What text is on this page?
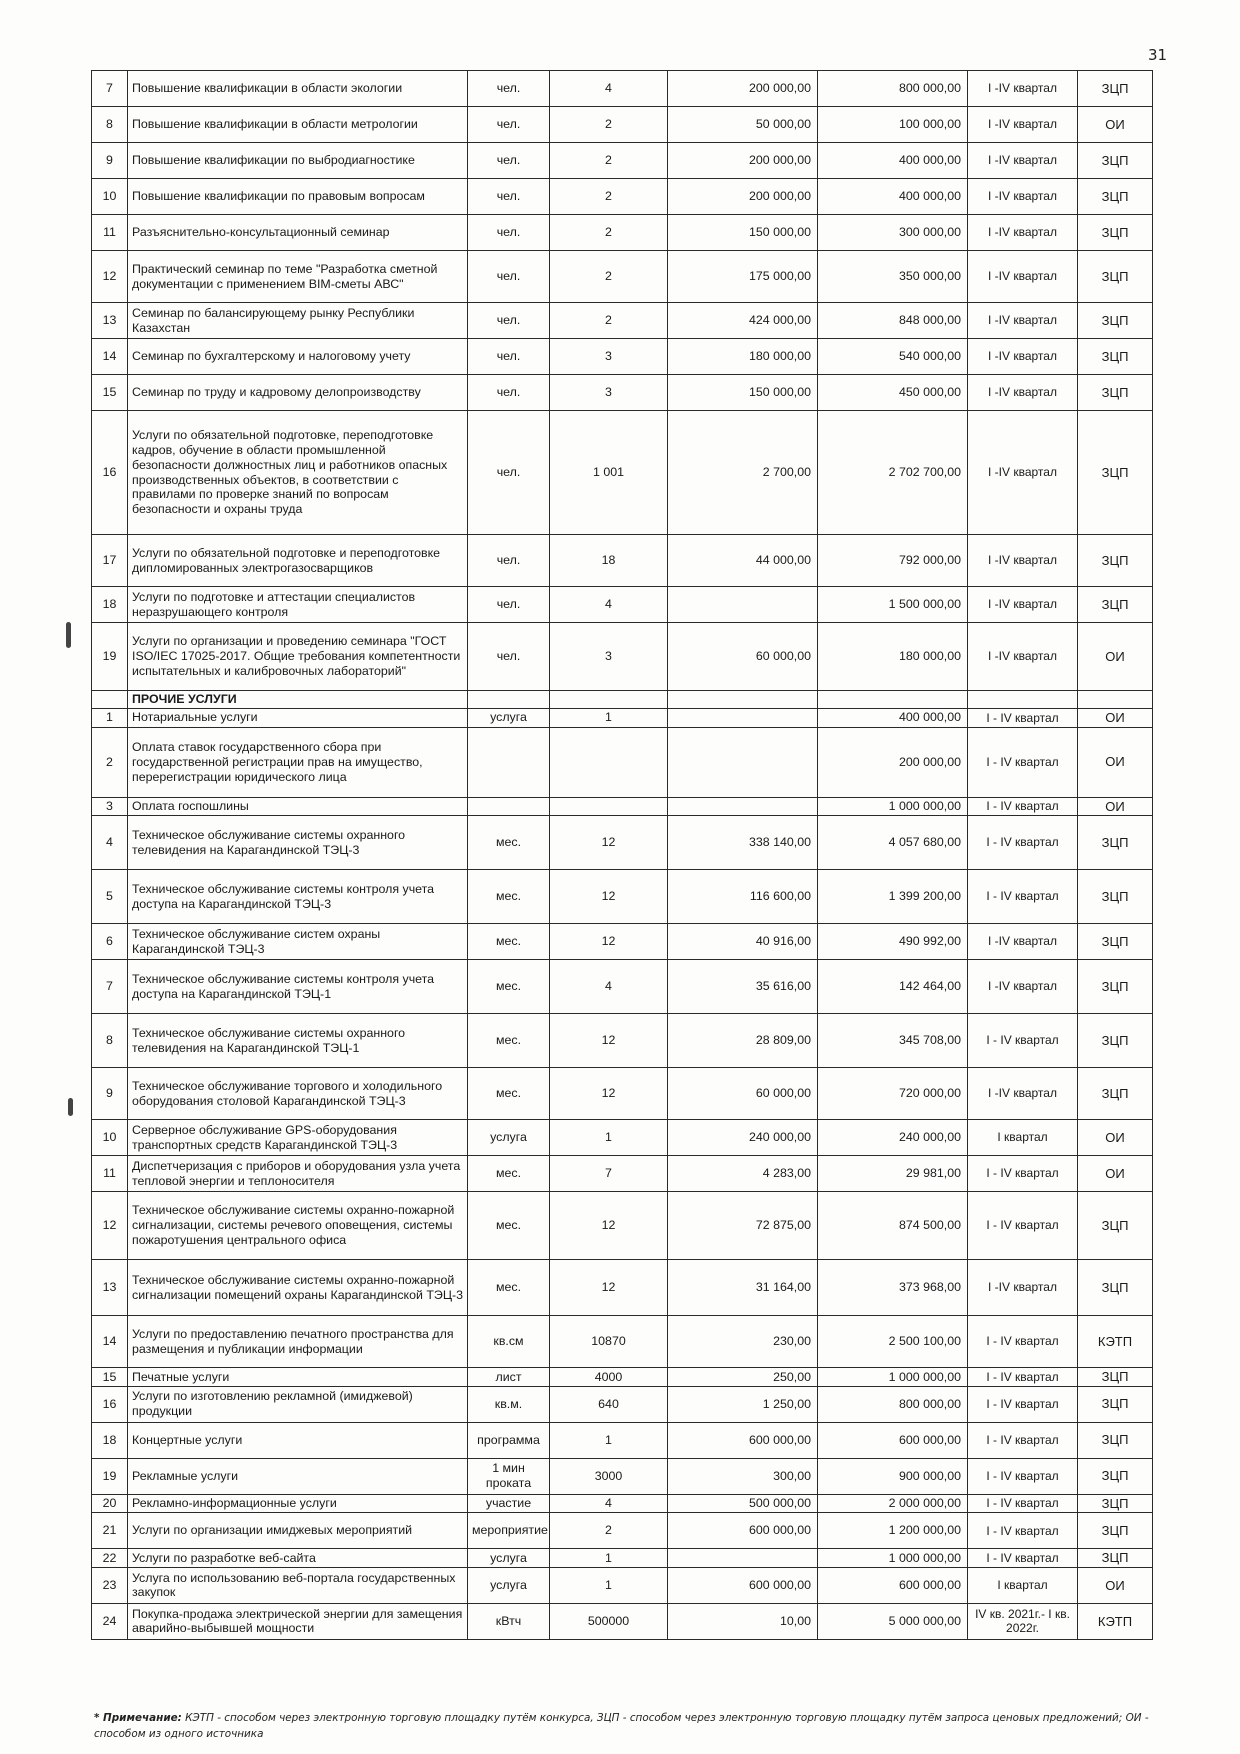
31
7	Повышение квалификации в области экологии	чел.	4	200 000,00	800 000,00	I -IV квартал	ЗЦП
8	Повышение квалификации в области метрологии	чел.	2	50 000,00	100 000,00	I -IV квартал	ОИ
9	Повышение квалификации по выбродиагностике	чел.	2	200 000,00	400 000,00	I -IV квартал	ЗЦП
10	Повышение квалификации по правовым вопросам	чел.	2	200 000,00	400 000,00	I -IV квартал	ЗЦП
11	Разъяснительно-консультационный семинар	чел.	2	150 000,00	300 000,00	I -IV квартал	ЗЦП
12	Практический семинар по теме "Разработка сметной документации с применением BIM-сметы АВС"	чел.	2	175 000,00	350 000,00	I -IV квартал	ЗЦП
13	Семинар по балансирующему рынку Республики Казахстан	чел.	2	424 000,00	848 000,00	I -IV квартал	ЗЦП
14	Семинар по бухгалтерскому и налоговому учету	чел.	3	180 000,00	540 000,00	I -IV квартал	ЗЦП
15	Семинар по труду и кадровому делопроизводству	чел.	3	150 000,00	450 000,00	I -IV квартал	ЗЦП
16	Услуги по обязательной подготовке, переподготовке кадров, обучение в области промышленной безопасности должностных лиц и работников опасных производственных объектов, в соответствии с правилами по проверке знаний по вопросам безопасности и охраны труда	чел.	1 001	2 700,00	2 702 700,00	I -IV квартал	ЗЦП
17	Услуги по обязательной подготовке и переподготовке дипломированных электрогазосварщиков	чел.	18	44 000,00	792 000,00	I -IV квартал	ЗЦП
18	Услуги по подготовке и аттестации специалистов неразрушающего контроля	чел.	4		1 500 000,00	I -IV квартал	ЗЦП
19	Услуги по организации и проведению семинара "ГОСТ ISO/IEC 17025-2017. Общие требования компетентности испытательных и калибровочных лабораторий"	чел.	3	60 000,00	180 000,00	I -IV квартал	ОИ
	ПРОЧИЕ УСЛУГИ						
1	Нотариальные услуги	услуга	1		400 000,00	I - IV квартал	ОИ
2	Оплата ставок государственного сбора при государственной регистрации прав на имущество, перерегистрации юридического лица				200 000,00	I - IV квартал	ОИ
3	Оплата госпошлины				1 000 000,00	I - IV квартал	ОИ
4	Техническое обслуживание системы охранного телевидения на Карагандинской ТЭЦ-3	мес.	12	338 140,00	4 057 680,00	I - IV квартал	ЗЦП
5	Техническое обслуживание системы контроля учета доступа на Карагандинской ТЭЦ-3	мес.	12	116 600,00	1 399 200,00	I - IV квартал	ЗЦП
6	Техническое обслуживание систем охраны Карагандинской ТЭЦ-3	мес.	12	40 916,00	490 992,00	I -IV квартал	ЗЦП
7	Техническое обслуживание системы контроля учета доступа на Карагандинской ТЭЦ-1	мес.	4	35 616,00	142 464,00	I -IV квартал	ЗЦП
8	Техническое обслуживание системы охранного телевидения на Карагандинской ТЭЦ-1	мес.	12	28 809,00	345 708,00	I - IV квартал	ЗЦП
9	Техническое обслуживание торгового и холодильного оборудования столовой Карагандинской ТЭЦ-3	мес.	12	60 000,00	720 000,00	I -IV квартал	ЗЦП
10	Серверное обслуживание GPS-оборудования транспортных средств Карагандинской ТЭЦ-3	услуга	1	240 000,00	240 000,00	I квартал	ОИ
11	Диспетчеризация с приборов и оборудования узла учета тепловой энергии и теплоносителя	мес.	7	4 283,00	29 981,00	I - IV квартал	ОИ
12	Техническое обслуживание системы охранно-пожарной сигнализации, системы речевого оповещения, системы пожаротушения центрального офиса	мес.	12	72 875,00	874 500,00	I - IV квартал	ЗЦП
13	Техническое обслуживание системы охранно-пожарной сигнализации помещений охраны Карагандинской ТЭЦ-3	мес.	12	31 164,00	373 968,00	I -IV квартал	ЗЦП
14	Услуги по предоставлению печатного пространства для размещения и публикации информации	кв.см	10870	230,00	2 500 100,00	I - IV квартал	КЭТП
15	Печатные услуги	лист	4000	250,00	1 000 000,00	I - IV квартал	ЗЦП
16	Услуги по изготовлению рекламной (имиджевой) продукции	кв.м.	640	1 250,00	800 000,00	I - IV квартал	ЗЦП
18	Концертные услуги	программа	1	600 000,00	600 000,00	I - IV квартал	ЗЦП
19	Рекламные услуги	1 мин проката	3000	300,00	900 000,00	I - IV квартал	ЗЦП
20	Рекламно-информационные услуги	участие	4	500 000,00	2 000 000,00	I - IV квартал	ЗЦП
21	Услуги по организации имиджевых мероприятий	мероприятие	2	600 000,00	1 200 000,00	I - IV квартал	ЗЦП
22	Услуги по разработке веб-сайта	услуга	1		1 000 000,00	I - IV квартал	ЗЦП
23	Услуга по использованию веб-портала государственных закупок	услуга	1	600 000,00	600 000,00	I квартал	ОИ
24	Покупка-продажа электрической энергии для замещения аварийно-выбывшей мощности	кВтч	500000	10,00	5 000 000,00	IV кв. 2021г.- I кв. 2022г.	КЭТП
* Примечание: КЭТП - способом через электронную торговую площадку путём конкурса, ЗЦП - способом через электронную торговую площадку путём запроса ценовых предложений; ОИ - способом из одного источника
